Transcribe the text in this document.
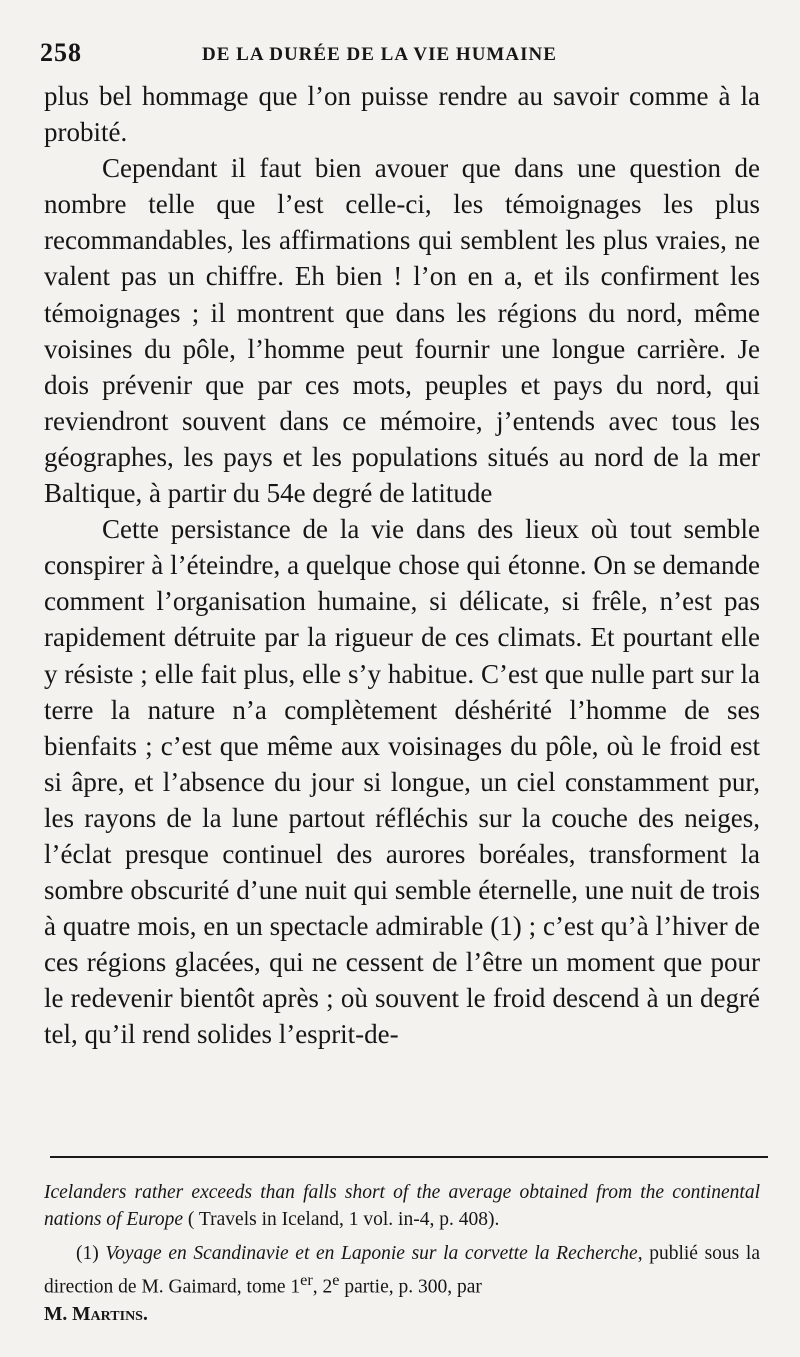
258	DE LA DURÉE DE LA VIE HUMAINE

plus bel hommage que l’on puisse rendre au savoir comme à la probité.

Cependant il faut bien avouer que dans une question de nombre telle que l’est celle-ci, les témoignages les plus recommandables, les affirmations qui semblent les plus vraies, ne valent pas un chiffre. Eh bien ! l’on en a, et ils confirment les témoignages ; il montrent que dans les régions du nord, même voisines du pôle, l’homme peut fournir une longue carrière. Je dois prévenir que par ces mots, peuples et pays du nord, qui reviendront souvent dans ce mémoire, j’entends avec tous les géographes, les pays et les populations situés au nord de la mer Baltique, à partir du 54e degré de latitude

Cette persistance de la vie dans des lieux où tout semble conspirer à l’éteindre, a quelque chose qui étonne. On se demande comment l’organisation humaine, si délicate, si frêle, n’est pas rapidement détruite par la rigueur de ces climats. Et pourtant elle y résiste ; elle fait plus, elle s’y habitue. C’est que nulle part sur la terre la nature n’a complètement déshérité l’homme de ses bienfaits ; c’est que même aux voisinages du pôle, où le froid est si âpre, et l’absence du jour si longue, un ciel constamment pur, les rayons de la lune partout réfléchis sur la couche des neiges, l’éclat presque continuel des aurores boréales, transforment la sombre obscurité d’une nuit qui semble éternelle, une nuit de trois à quatre mois, en un spectacle admirable (1) ; c’est qu’à l’hiver de ces régions glacées, qui ne cessent de l’être un moment que pour le redevenir bientôt après ; où souvent le froid descend à un degré tel, qu’il rend solides l’esprit-de-

Icelanders rather exceeds than falls short of the average obtained from the continental nations of Europe ( Travels in Iceland, 1 vol. in-4, p. 408).

(1) Voyage en Scandinavie et en Laponie sur la corvette la Recherche, publié sous la direction de M. Gaimard, tome 1er, 2e partie, p. 300, par
M. Martins.
